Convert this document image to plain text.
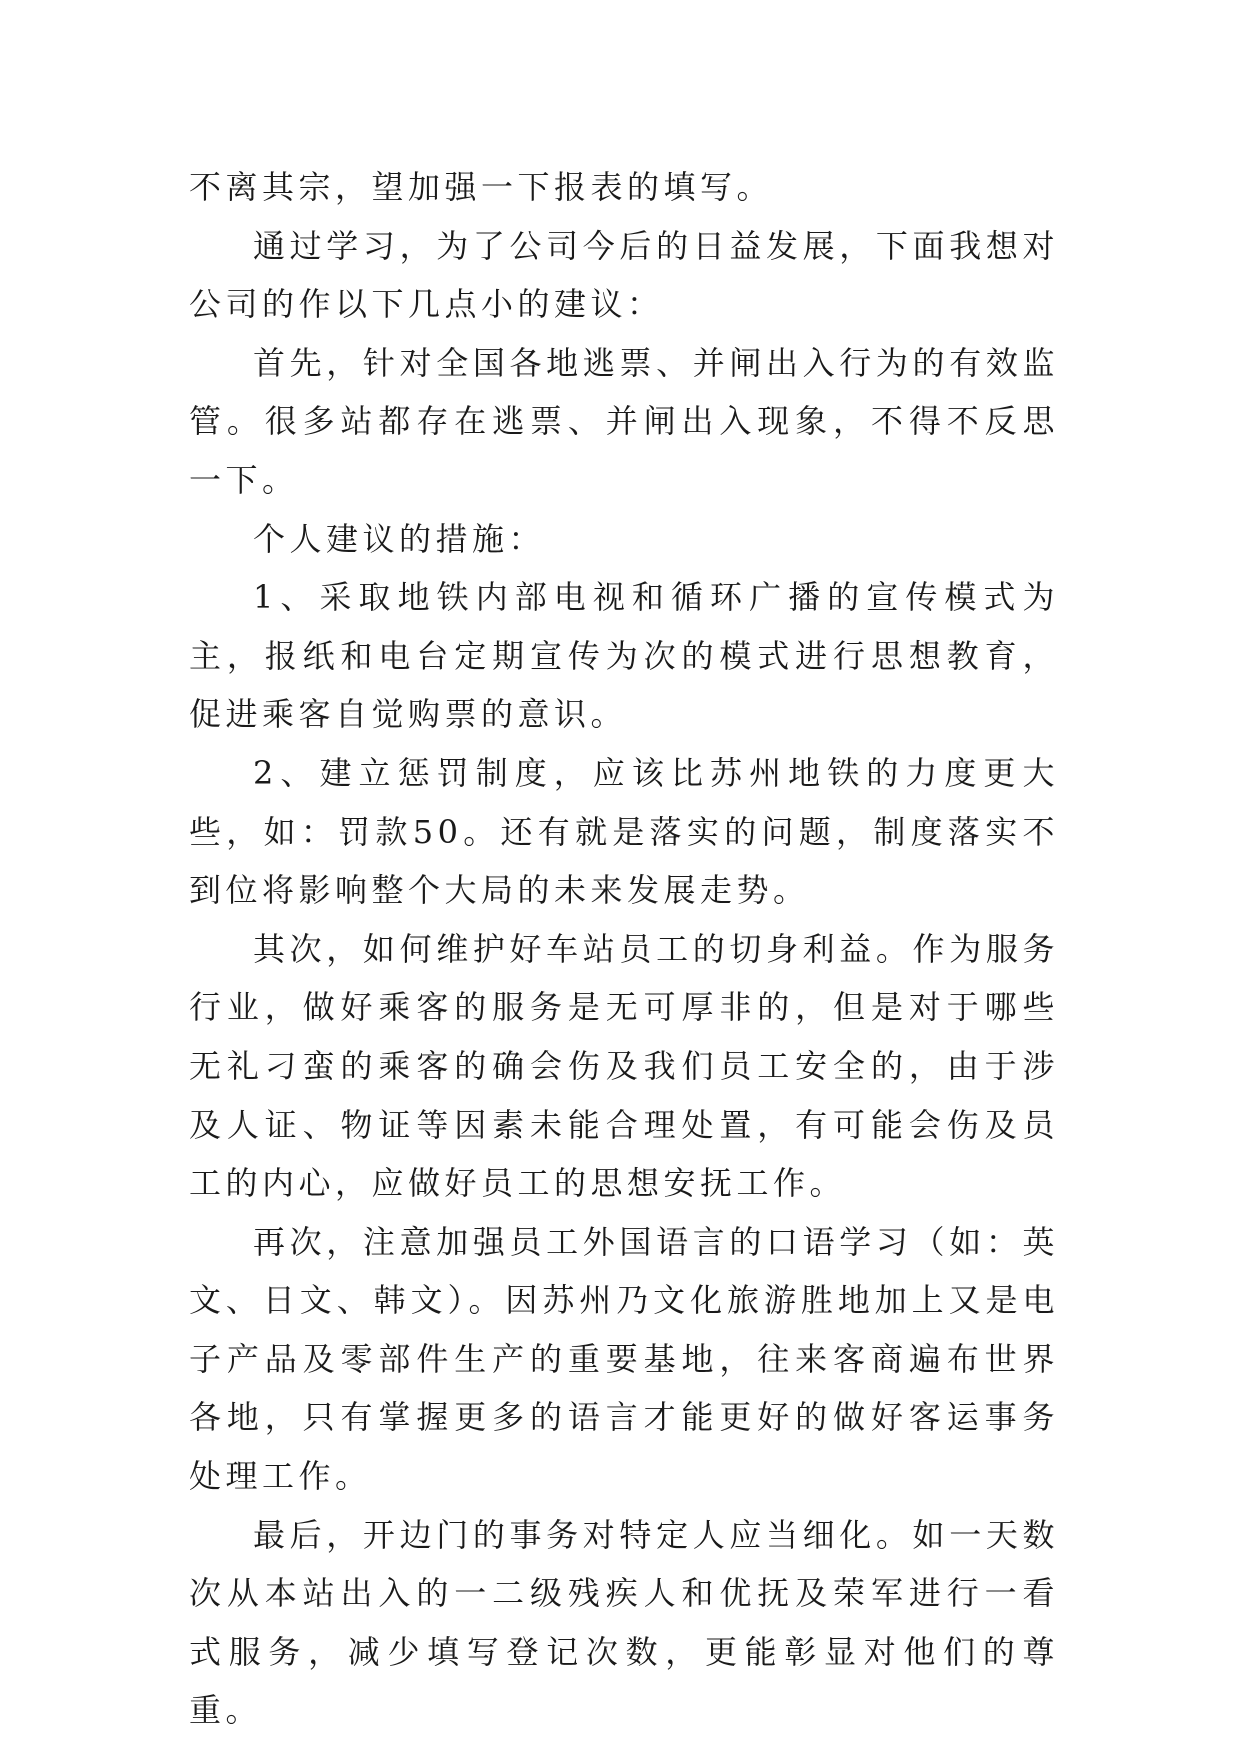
不离其宗，望加强一下报表的填写。

通过学习，为了公司今后的日益发展，下面我想对公司的作以下几点小的建议：

首先，针对全国各地逃票、并闸出入行为的有效监管。很多站都存在逃票、并闸出入现象，不得不反思一下。

个人建议的措施：

1、采取地铁内部电视和循环广播的宣传模式为主，报纸和电台定期宣传为次的模式进行思想教育，促进乘客自觉购票的意识。

2、建立惩罚制度，应该比苏州地铁的力度更大些，如：罚款50。还有就是落实的问题，制度落实不到位将影响整个大局的未来发展走势。

其次，如何维护好车站员工的切身利益。作为服务行业，做好乘客的服务是无可厚非的，但是对于哪些无礼刁蛮的乘客的确会伤及我们员工安全的，由于涉及人证、物证等因素未能合理处置，有可能会伤及员工的内心，应做好员工的思想安抚工作。

再次，注意加强员工外国语言的口语学习（如：英文、日文、韩文）。因苏州乃文化旅游胜地加上又是电子产品及零部件生产的重要基地，往来客商遍布世界各地，只有掌握更多的语言才能更好的做好客运事务处理工作。

最后，开边门的事务对特定人应当细化。如一天数次从本站出入的一二级残疾人和优抚及荣军进行一看式服务，减少填写登记次数，更能彰显对他们的尊重。
